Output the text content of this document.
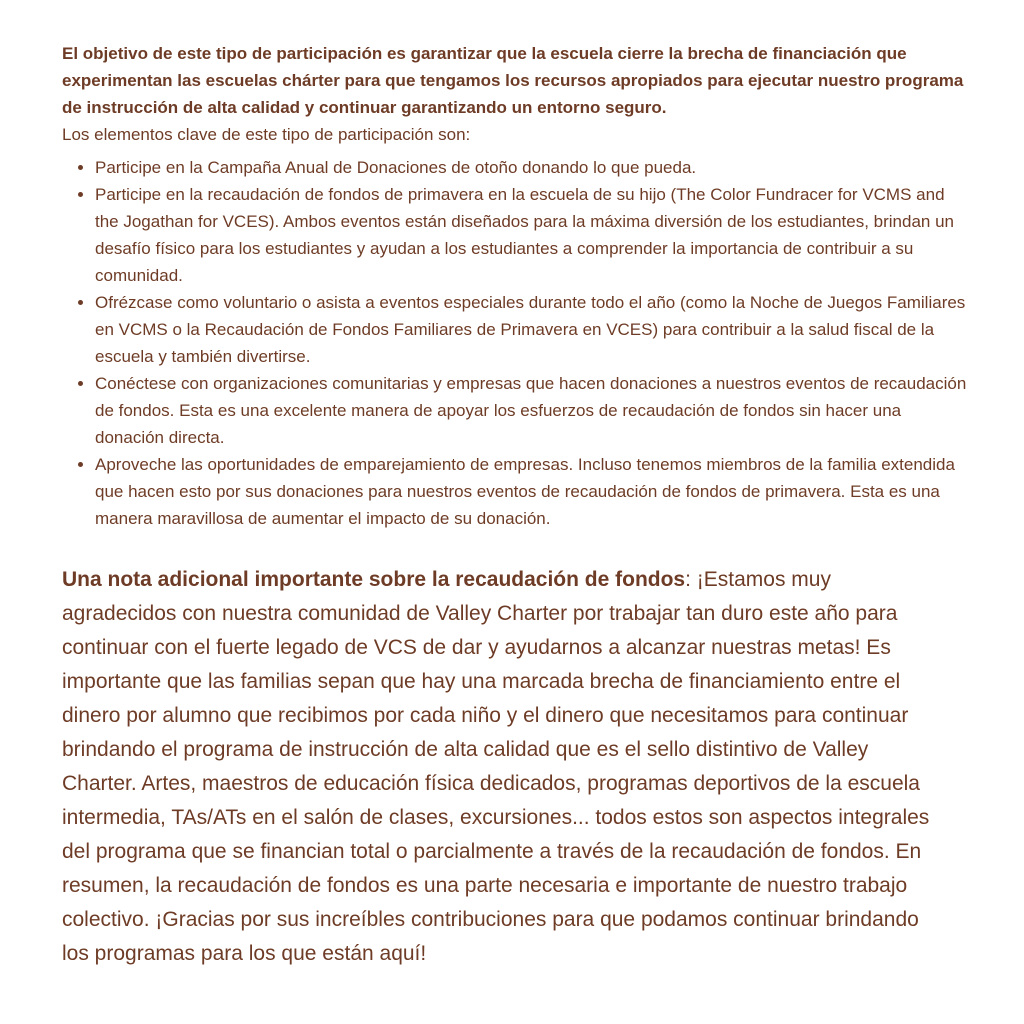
El objetivo de este tipo de participación es garantizar que la escuela cierre la brecha de financiación que experimentan las escuelas chárter para que tengamos los recursos apropiados para ejecutar nuestro programa de instrucción de alta calidad y continuar garantizando un entorno seguro.

Los elementos clave de este tipo de participación son:

• Participe en la Campaña Anual de Donaciones de otoño donando lo que pueda.
• Participe en la recaudación de fondos de primavera en la escuela de su hijo (The Color Fundracer for VCMS and the Jogathan for VCES). Ambos eventos están diseñados para la máxima diversión de los estudiantes, brindan un desafío físico para los estudiantes y ayudan a los estudiantes a comprender la importancia de contribuir a su comunidad.
• Ofrézcase como voluntario o asista a eventos especiales durante todo el año (como la Noche de Juegos Familiares en VCMS o la Recaudación de Fondos Familiares de Primavera en VCES) para contribuir a la salud fiscal de la escuela y también divertirse.
• Conéctese con organizaciones comunitarias y empresas que hacen donaciones a nuestros eventos de recaudación de fondos. Esta es una excelente manera de apoyar los esfuerzos de recaudación de fondos sin hacer una donación directa.
• Aproveche las oportunidades de emparejamiento de empresas. Incluso tenemos miembros de la familia extendida que hacen esto por sus donaciones para nuestros eventos de recaudación de fondos de primavera. Esta es una manera maravillosa de aumentar el impacto de su donación.

Una nota adicional importante sobre la recaudación de fondos: ¡Estamos muy agradecidos con nuestra comunidad de Valley Charter por trabajar tan duro este año para continuar con el fuerte legado de VCS de dar y ayudarnos a alcanzar nuestras metas! Es importante que las familias sepan que hay una marcada brecha de financiamiento entre el dinero por alumno que recibimos por cada niño y el dinero que necesitamos para continuar brindando el programa de instrucción de alta calidad que es el sello distintivo de Valley Charter. Artes, maestros de educación física dedicados, programas deportivos de la escuela intermedia, TAs/ATs en el salón de clases, excursiones... todos estos son aspectos integrales del programa que se financian total o parcialmente a través de la recaudación de fondos. En resumen, la recaudación de fondos es una parte necesaria e importante de nuestro trabajo colectivo. ¡Gracias por sus increíbles contribuciones para que podamos continuar brindando los programas para los que están aquí!
